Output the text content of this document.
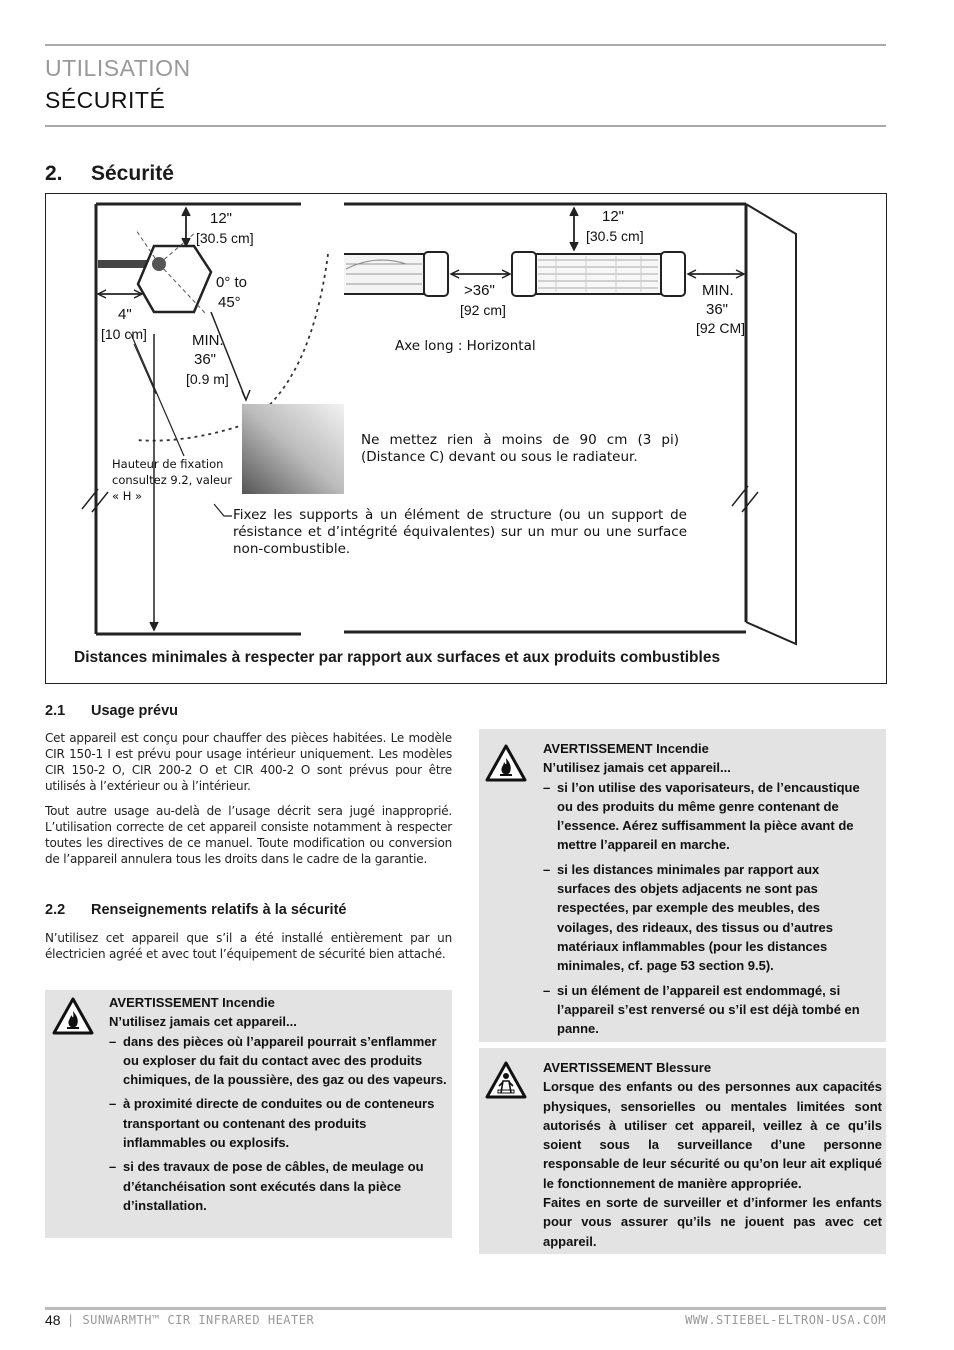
UTILISATION
SÉCURITÉ
2. Sécurité
12"
[30.5 cm]
0° to
45°
4"
[10 cm]	MIN.
36"
[0.9 m]
>36"
[92 cm]
12"
[30.5 cm]
MIN.
36"
[92 CM]
Axe long : Horizontal
Ne mettez rien à moins de 90 cm (3 pi) (Distance C) devant ou sous le radiateur.
Hauteur de fixation
consultez 9.2, valeur
« H »
Fixez les supports à un élément de structure (ou un support de résistance et d’intégrité équivalentes) sur un mur ou une surface non-combustible.
Distances minimales à respecter par rapport aux surfaces et aux produits combustibles
2.1 Usage prévu
Cet appareil est conçu pour chauffer des pièces habitées. Le modèle CIR 150-1 I est prévu pour usage intérieur uniquement. Les modèles CIR 150-2 O, CIR 200-2 O et CIR 400-2 O sont prévus pour être utilisés à l’extérieur ou à l’intérieur.
Tout autre usage au-delà de l’usage décrit sera jugé inapproprié. L’utilisation correcte de cet appareil consiste notamment à respecter toutes les directives de ce manuel. Toute modification ou conversion de l’appareil annulera tous les droits dans le cadre de la garantie.
2.2 Renseignements relatifs à la sécurité
N’utilisez cet appareil que s’il a été installé entièrement par un électricien agréé et avec tout l’équipement de sécurité bien attaché.
AVERTISSEMENT Incendie
N’utilisez jamais cet appareil...
– dans des pièces où l’appareil pourrait s’enflammer ou exploser du fait du contact avec des produits chimiques, de la poussière, des gaz ou des vapeurs.
– à proximité directe de conduites ou de conteneurs transportant ou contenant des produits inflammables ou explosifs.
– si des travaux de pose de câbles, de meulage ou d’étanchéisation sont exécutés dans la pièce d’installation.
AVERTISSEMENT Incendie
N’utilisez jamais cet appareil...
– si l’on utilise des vaporisateurs, de l’encaustique ou des produits du même genre contenant de l’essence. Aérez suffisamment la pièce avant de mettre l’appareil en marche.
– si les distances minimales par rapport aux surfaces des objets adjacents ne sont pas respectées, par exemple des meubles, des voilages, des rideaux, des tissus ou d’autres matériaux inflammables (pour les distances minimales, cf. page 53 section 9.5).
– si un élément de l’appareil est endommagé, si l’appareil s’est renversé ou s’il est déjà tombé en panne.
AVERTISSEMENT Blessure
Lorsque des enfants ou des personnes aux capacités physiques, sensorielles ou mentales limitées sont autorisés à utiliser cet appareil, veillez à ce qu’ils soient sous la surveillance d’une personne responsable de leur sécurité ou qu’on leur ait expliqué le fonctionnement de manière appropriée.
Faites en sorte de surveiller et d’informer les enfants pour vous assurer qu’ils ne jouent pas avec cet appareil.
48 | SUNWARMTH™ CIR INFRARED HEATER	WWW.STIEBEL-ELTRON-USA.COM
